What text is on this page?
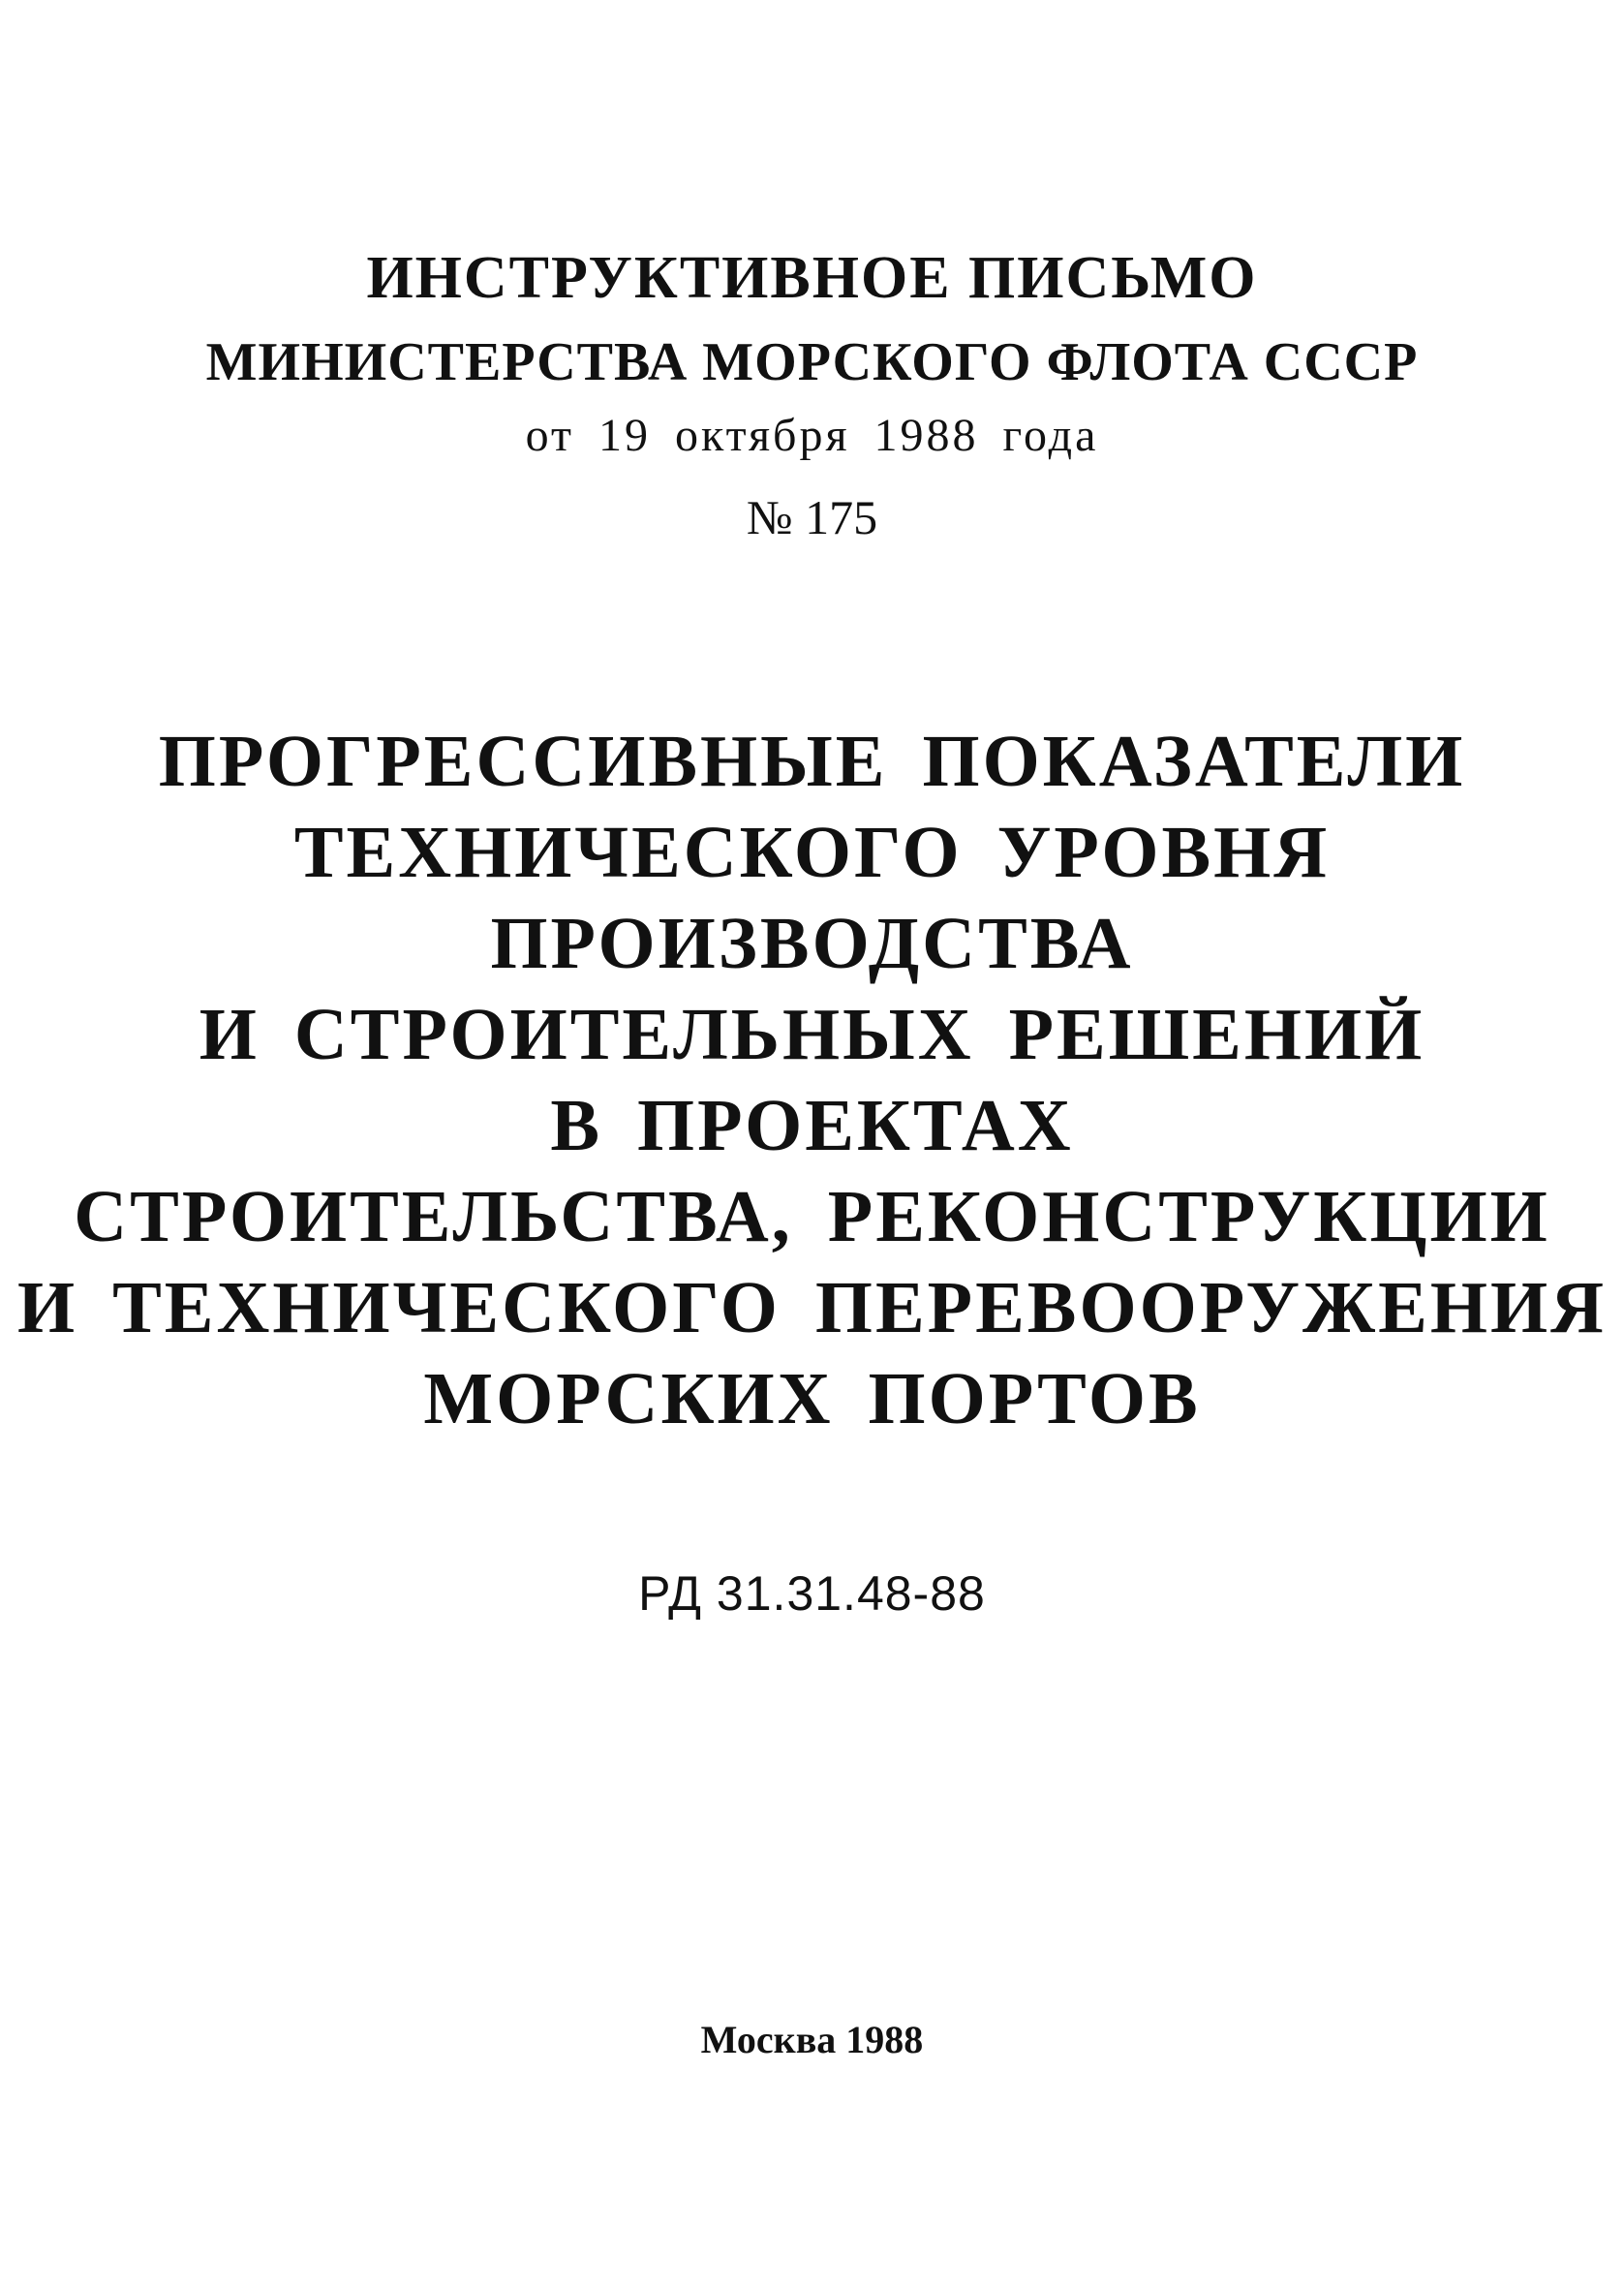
ИНСТРУКТИВНОЕ ПИСЬМО
МИНИСТЕРСТВА МОРСКОГО ФЛОТА СССР
от 19 октября 1988 года
№ 175
ПРОГРЕССИВНЫЕ ПОКАЗАТЕЛИ
ТЕХНИЧЕСКОГО УРОВНЯ
ПРОИЗВОДСТВА
И СТРОИТЕЛЬНЫХ РЕШЕНИЙ
В ПРОЕКТАХ
СТРОИТЕЛЬСТВА, РЕКОНСТРУКЦИИ
И ТЕХНИЧЕСКОГО ПЕРЕВООРУЖЕНИЯ
МОРСКИХ ПОРТОВ
РД 31.31.48-88
Москва 1988
